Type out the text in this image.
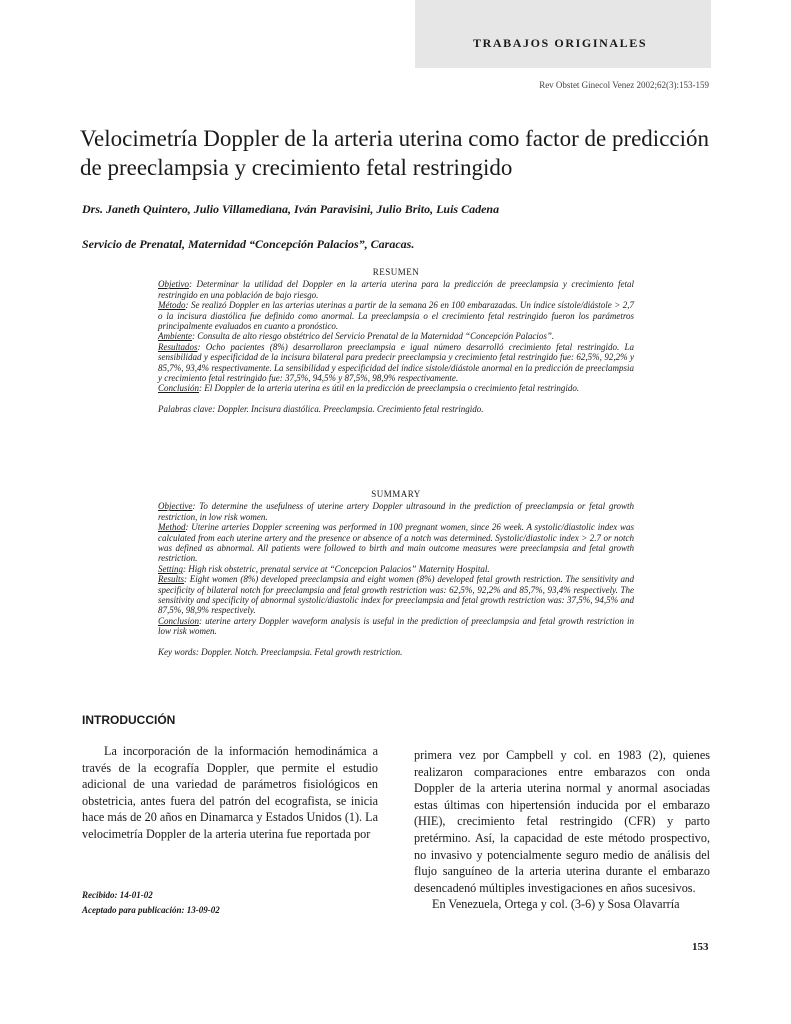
TRABAJOS ORIGINALES
Rev Obstet Ginecol Venez 2002;62(3):153-159
Velocimetría Doppler de la arteria uterina como factor de predicción de preeclampsia y crecimiento fetal restringido
Drs. Janeth Quintero, Julio Villamediana, Iván Paravisini, Julio Brito, Luis Cadena
Servicio de Prenatal, Maternidad “Concepción Palacios”, Caracas.

RESUMEN

Objetivo: Determinar la utilidad del Doppler en la arteria uterina para la predicción de preeclampsia y crecimiento fetal restringido en una población de bajo riesgo.

Método: Se realizó Doppler en las arterias uterinas a partir de la semana 26 en 100 embarazadas. Un índice sístole/diástole > 2,7 o la incisura diastólica fue definido como anormal. La preeclampsia o el crecimiento fetal restringido fueron los parámetros principalmente evaluados en cuanto a pronóstico.

Ambiente: Consulta de alto riesgo obstétrico del Servicio Prenatal de la Maternidad “Concepción Palacios”.

Resultados: Ocho pacientes (8%) desarrollaron preeclampsia e igual número desarrolló crecimiento fetal restringido. La sensibilidad y especificidad de la incisura bilateral para predecir preeclampsia y crecimiento fetal restringido fue: 62,5%, 92,2% y 85,7%, 93,4% respectivamente. La sensibilidad y especificidad del índice sístole/diástole anormal en la predicción de preeclampsia y crecimiento fetal restringido fue: 37,5%, 94,5% y 87,5%, 98,9% respectivamente.

Conclusión: El Doppler de la arteria uterina es útil en la predicción de preeclampsia o crecimiento fetal restringido.

Palabras clave: Doppler. Incisura diastólica. Preeclampsia. Crecimiento fetal restringido.

SUMMARY

Objective: To determine the usefulness of uterine artery Doppler ultrasound in the prediction of preeclampsia or fetal growth restriction, in low risk women.

Method: Uterine arteries Doppler screening was performed in 100 pregnant women, since 26 week. A systolic/diastolic index was calculated from each uterine artery and the presence or absence of a notch was determined. Systolic/diastolic index > 2.7 or notch was defined as abnormal. All patients were followed to birth and main outcome measures were preeclampsia and fetal growth restriction.

Setting: High risk obstetric, prenatal service at “Concepcion Palacios” Maternity Hospital.

Results: Eight women (8%) developed preeclampsia and eight women (8%) developed fetal growth restriction. The sensitivity and specificity of bilateral notch for preeclampsia and fetal growth restriction was: 62,5%, 92,2% and 85,7%, 93,4% respectively. The sensitivity and specificity of abnormal systolic/diastolic index for preeclampsia and fetal growth restriction was: 37,5%, 94,5% and 87,5%, 98,9% respectively.

Conclusion: uterine artery Doppler waveform analysis is useful in the prediction of preeclampsia and fetal growth restriction in low risk women.

Key words: Doppler. Notch. Preeclampsia. Fetal growth restriction.

INTRODUCCIÓN

La incorporación de la información hemodinámica a través de la ecografía Doppler, que permite el estudio adicional de una variedad de parámetros fisiológicos en obstetricia, antes fuera del patrón del ecografista, se inicia hace más de 20 años en Dinamarca y Estados Unidos (1). La velocimetría Doppler de la arteria uterina fue reportada por

primera vez por Campbell y col. en 1983 (2), quienes realizaron comparaciones entre embarazos con onda Doppler de la arteria uterina normal y anormal asociadas estas últimas con hipertensión inducida por el embarazo (HIE), crecimiento fetal restringido (CFR) y parto pretérmino. Así, la capacidad de este método prospectivo, no invasivo y potencialmente seguro medio de análisis del flujo sanguíneo de la arteria uterina durante el embarazo desencadenó múltiples investigaciones en años sucesivos.
En Venezuela, Ortega y col. (3-6) y Sosa Olavarría

Recibido: 14-01-02
Aceptado para publicación: 13-09-02
153
